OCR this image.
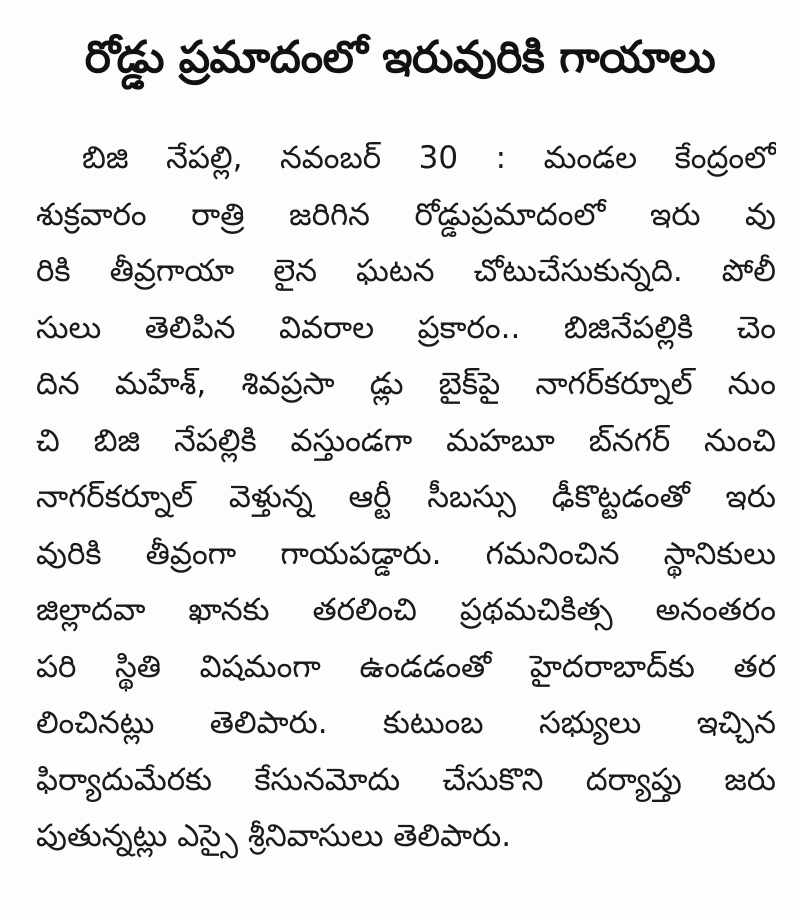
రోడ్డు ప్రమాదంలో ఇరువురికి గాయాలు
బిజి నేపల్లి, నవంబర్ 30 : మండల కేంద్రంలో
శుక్రవారం రాత్రి జరిగిన రోడ్డుప్రమాదంలో ఇరు వు
రికి తీవ్రగాయా లైన ఘటన చోటుచేసుకున్నది. పోలీ
సులు తెలిపిన వివరాల ప్రకారం.. బిజినేపల్లికి చెం
దిన మహేశ్, శివప్రసా డ్లు బైక్‌పై నాగర్‌కర్నూల్ నుం
చి బిజి నేపల్లికి వస్తుండగా మహబూ బ్‌నగర్ నుంచి
నాగర్‌కర్నూల్ వెళ్తున్న ఆర్టీ సీబస్సు ఢీకొట్టడంతో ఇరు
వురికి తీవ్రంగా గాయపడ్డారు. గమనించిన స్థానికులు
జిల్లాదవా ఖానకు తరలించి ప్రథమచికిత్స అనంతరం
పరి స్థితి విషమంగా ఉండడంతో హైదరాబాద్‌కు తర
లించినట్లు తెలిపారు. కుటుంబ సభ్యులు ఇచ్చిన
ఫిర్యాదుమేరకు కేసునమోదు చేసుకొని దర్యాప్తు జరు
పుతున్నట్లు ఎస్సై శ్రీనివాసులు తెలిపారు.
